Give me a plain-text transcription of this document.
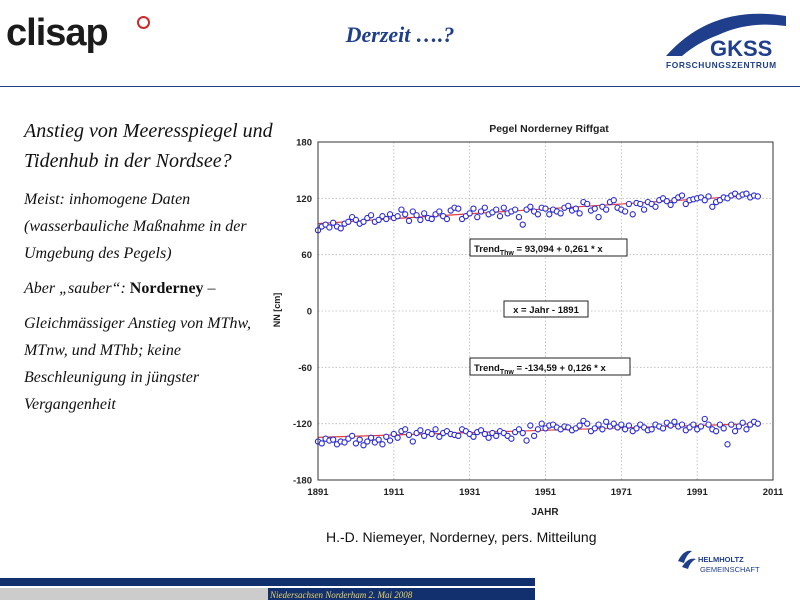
clisap	Derzeit ….?
GKSS
FORSCHUNGSZENTRUM

Anstieg von Meeresspiegel und Tidenhub in der Nordsee?

Meist: inhomogene Daten (wasserbauliche Maßnahme in der Umgebung des Pegels)

Aber „sauber“: Norderney –

Gleichmässiger Anstieg von MThw, MTnw, und MThb; keine Beschleunigung in jüngster Vergangenheit

Pegel Norderney Riffgat
NN [cm]
JAHR
180
120
60
0
-60
-120
-180
1891	1911	1931	1951	1971	1991	2011
Trend$_{Thw}$ = 93,094 + 0,261 * x
x = Jahr - 1891
Trend$_{Tnw}$ = -134,59 + 0,126 * x
H.-D. Niemeyer, Norderney, pers. Mitteilung
HELMHOLTZ
GEMEINSCHAFT
Niedersachsen Norderham 2. Mai 2008
